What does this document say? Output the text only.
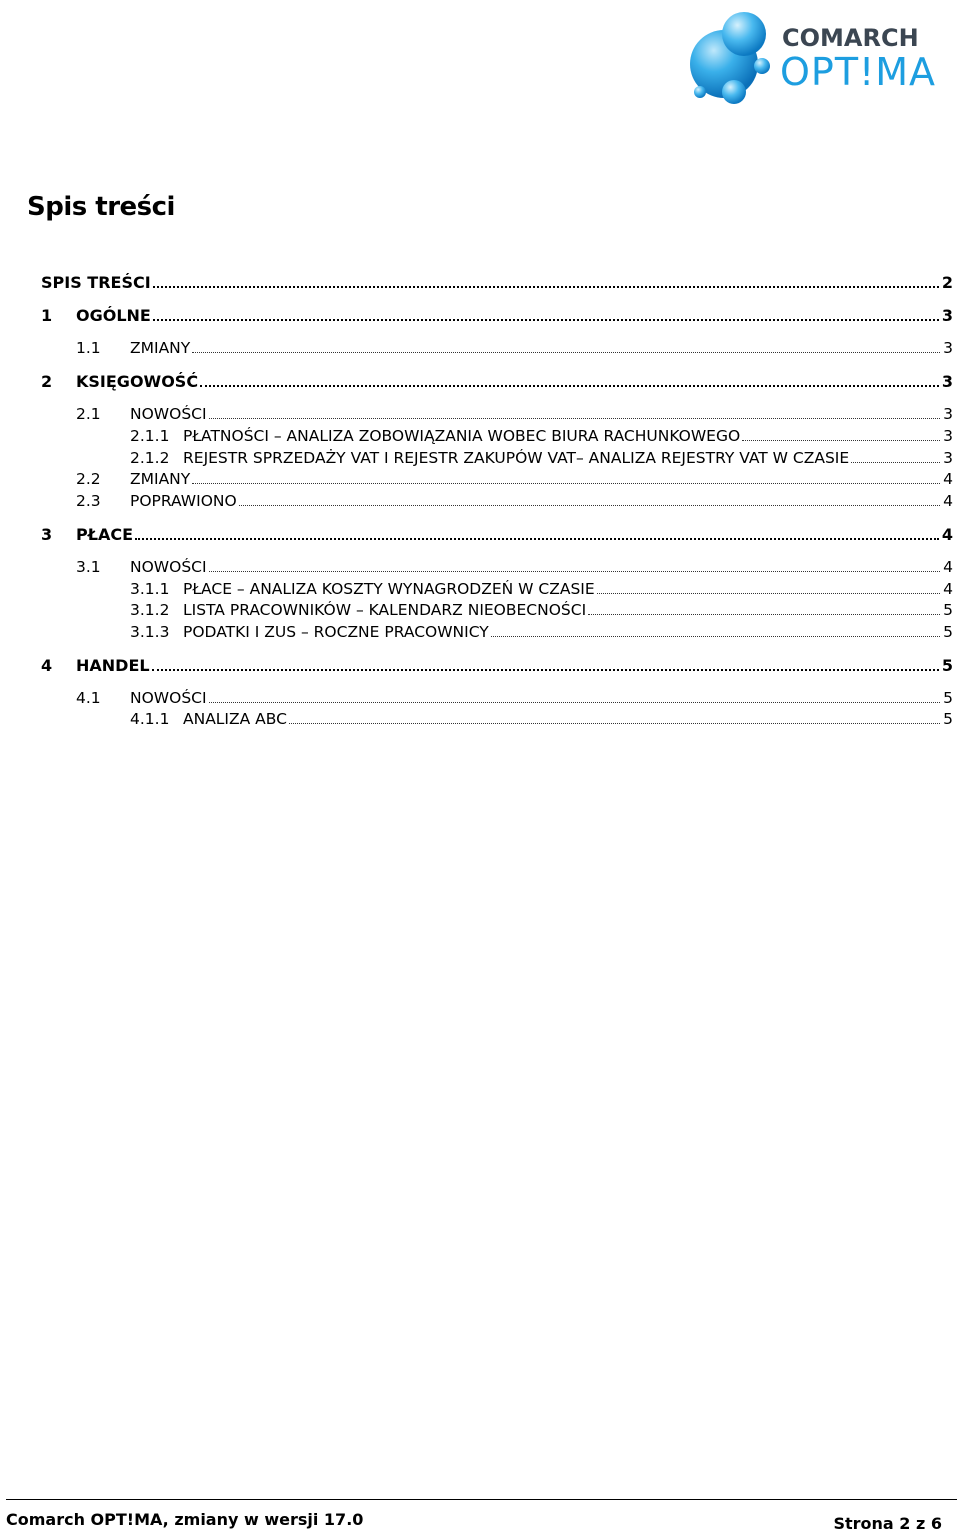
COMARCH
OPT!MA
Spis treści
SPIS TREŚCI	2
1	OGÓLNE	3
1.1	ZMIANY	3
2	KSIĘGOWOŚĆ	3
2.1	NOWOŚCI	3
2.1.1 PŁATNOŚCI – ANALIZA ZOBOWIĄZANIA WOBEC BIURA RACHUNKOWEGO	3
2.1.2 REJESTR SPRZEDAŻY VAT I REJESTR ZAKUPÓW VAT– ANALIZA REJESTRY VAT W CZASIE	3
2.2	ZMIANY	4
2.3	POPRAWIONO	4
3	PŁACE	4
3.1	NOWOŚCI	4
3.1.1 PŁACE – ANALIZA KOSZTY WYNAGRODZEŃ W CZASIE	4
3.1.2 LISTA PRACOWNIKÓW – KALENDARZ NIEOBECNOŚCI	5
3.1.3 PODATKI I ZUS – ROCZNE PRACOWNICY	5
4	HANDEL	5
4.1	NOWOŚCI	5
4.1.1 ANALIZA ABC	5
Comarch OPT!MA, zmiany w wersji 17.0	Strona 2 z 6
